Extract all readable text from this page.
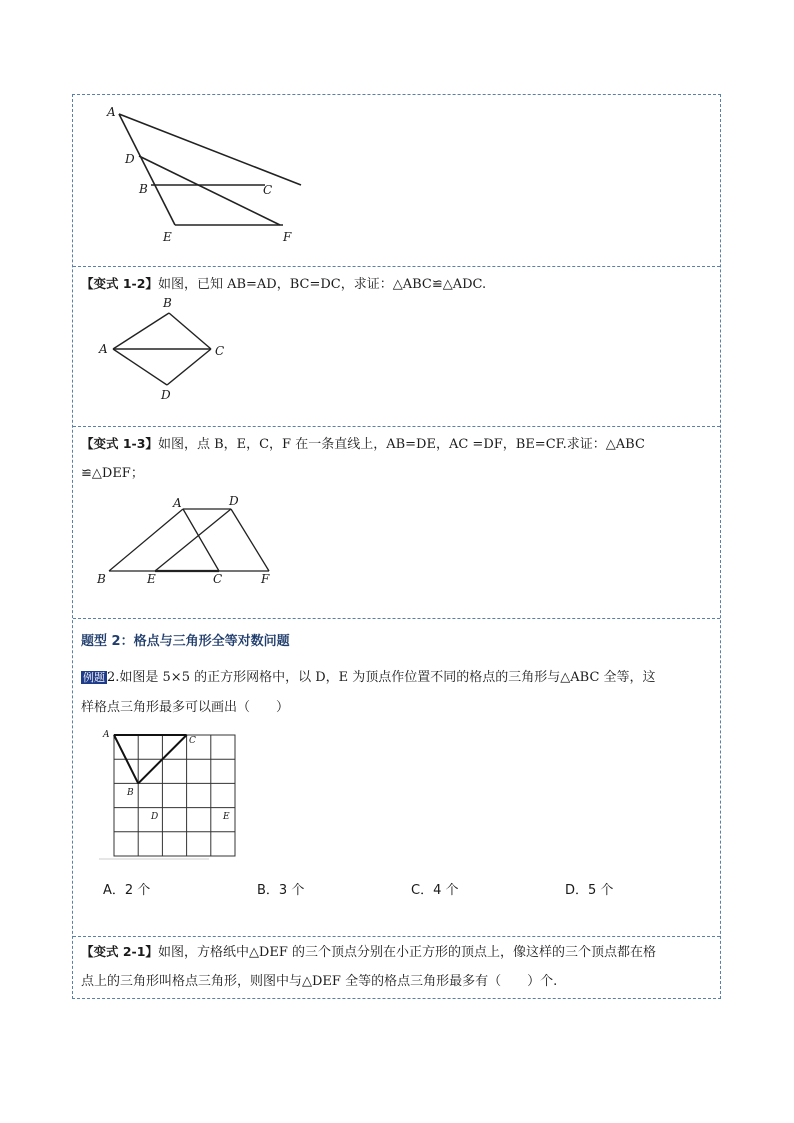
A
D
B	C
E	F
【变式 1-2】如图，已知 AB=AD，BC=DC，求证：△ABC≌△ADC.
B
A	C
D
【变式 1-3】如图，点 B，E，C，F 在一条直线上，AB=DE，AC =DF，BE=CF.求证：△ABC
≌△DEF；
A	D
B	E	C	F
题型 2：格点与三角形全等对数问题
例题 2.如图是 5×5 的正方形网格中，以 D，E 为顶点作位置不同的格点的三角形与△ABC 全等，这
样格点三角形最多可以画出（　　）
A
C
B
D	E
A．2 个	B．3 个	C．4 个	D．5 个
【变式 2-1】如图，方格纸中△DEF 的三个顶点分别在小正方形的顶点上，像这样的三个顶点都在格
点上的三角形叫格点三角形，则图中与△DEF 全等的格点三角形最多有（　　）个.
